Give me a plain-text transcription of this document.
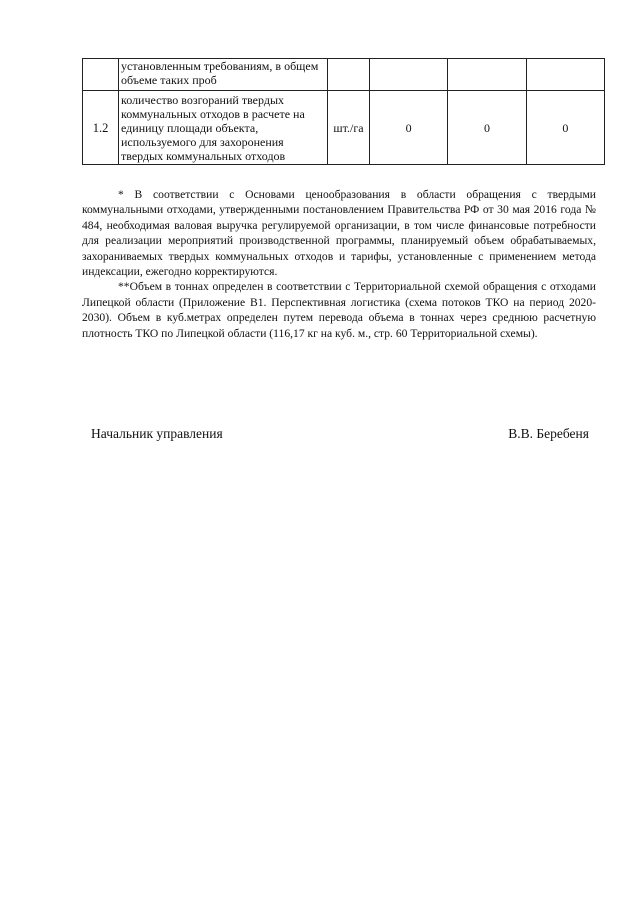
	установленным требованиям, в общем объеме таких проб				
1.2	количество возгораний твердых коммунальных отходов в расчете на единицу площади объекта, используемого для захоронения твердых коммунальных отходов	шт./га	0	0	0

* В соответствии с Основами ценообразования в области обращения с твердыми коммунальными отходами, утвержденными постановлением Правительства РФ от 30 мая 2016 года № 484, необходимая валовая выручка регулируемой организации, в том числе финансовые потребности для реализации мероприятий производственной программы, планируемый объем обрабатываемых, захораниваемых твердых коммунальных отходов и тарифы, установленные с применением метода индексации, ежегодно корректируются.

**Объем в тоннах определен в соответствии с Территориальной схемой обращения с отходами Липецкой области (Приложение В1. Перспективная логистика (схема потоков ТКО на период 2020-2030). Объем в куб.метрах определен путем перевода объема в тоннах через среднюю расчетную плотность ТКО по Липецкой области (116,17 кг на куб. м., стр. 60 Территориальной схемы).

Начальник управления	В.В. Беребеня
